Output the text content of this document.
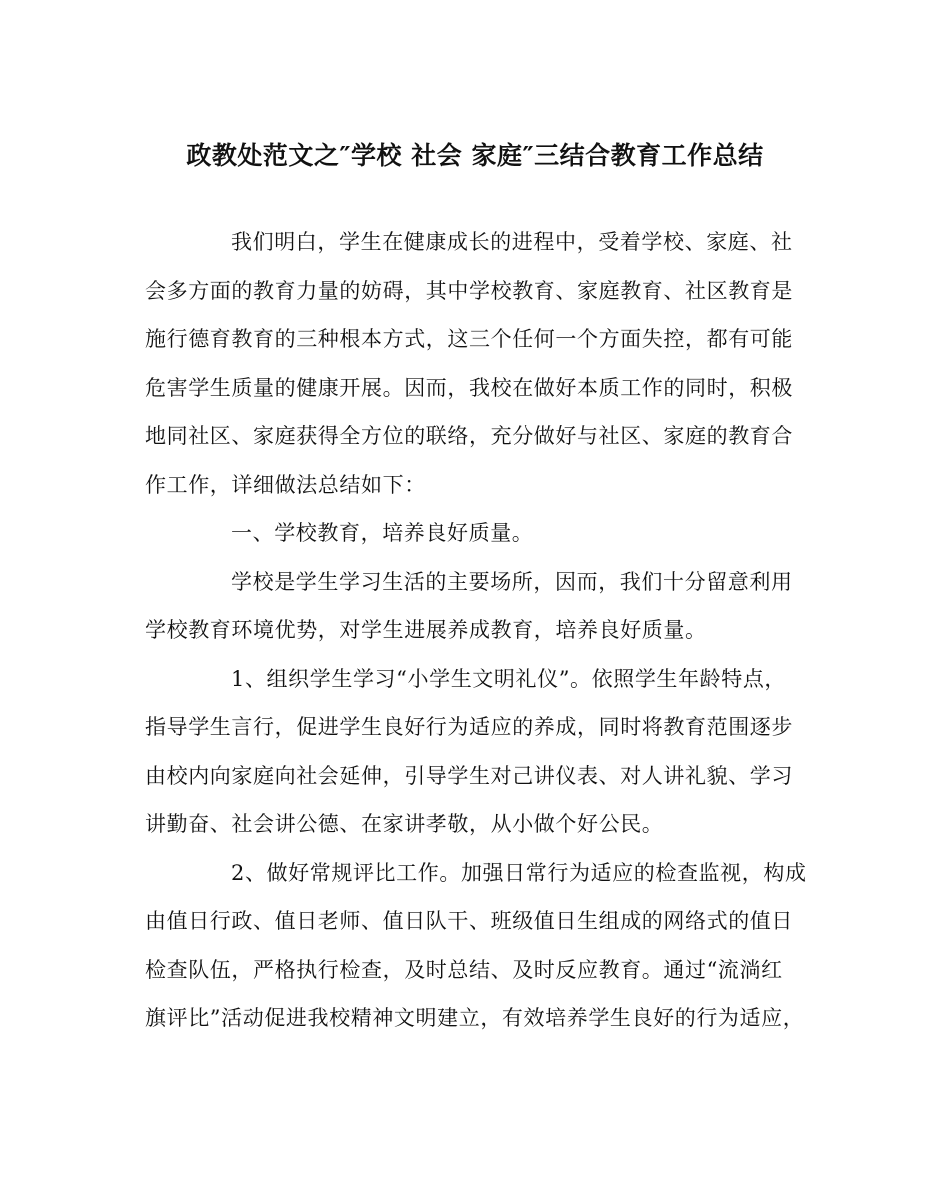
政教处范文之″学校 社会 家庭″三结合教育工作总结
我们明白，学生在健康成长的进程中，受着学校、家庭、社
会多方面的教育力量的妨碍，其中学校教育、家庭教育、社区教育是
施行德育教育的三种根本方式，这三个任何一个方面失控，都有可能
危害学生质量的健康开展。因而，我校在做好本质工作的同时，积极
地同社区、家庭获得全方位的联络，充分做好与社区、家庭的教育合
作工作，详细做法总结如下：
一、学校教育，培养良好质量。
学校是学生学习生活的主要场所，因而，我们十分留意利用
学校教育环境优势，对学生进展养成教育，培养良好质量。
1、组织学生学习“小学生文明礼仪”。依照学生年龄特点，
指导学生言行，促进学生良好行为适应的养成，同时将教育范围逐步
由校内向家庭向社会延伸，引导学生对己讲仪表、对人讲礼貌、学习
讲勤奋、社会讲公德、在家讲孝敬，从小做个好公民。
2、做好常规评比工作。加强日常行为适应的检查监视，构成
由值日行政、值日老师、值日队干、班级值日生组成的网络式的值日
检查队伍，严格执行检查，及时总结、及时反应教育。通过“流淌红
旗评比”活动促进我校精神文明建立，有效培养学生良好的行为适应，
